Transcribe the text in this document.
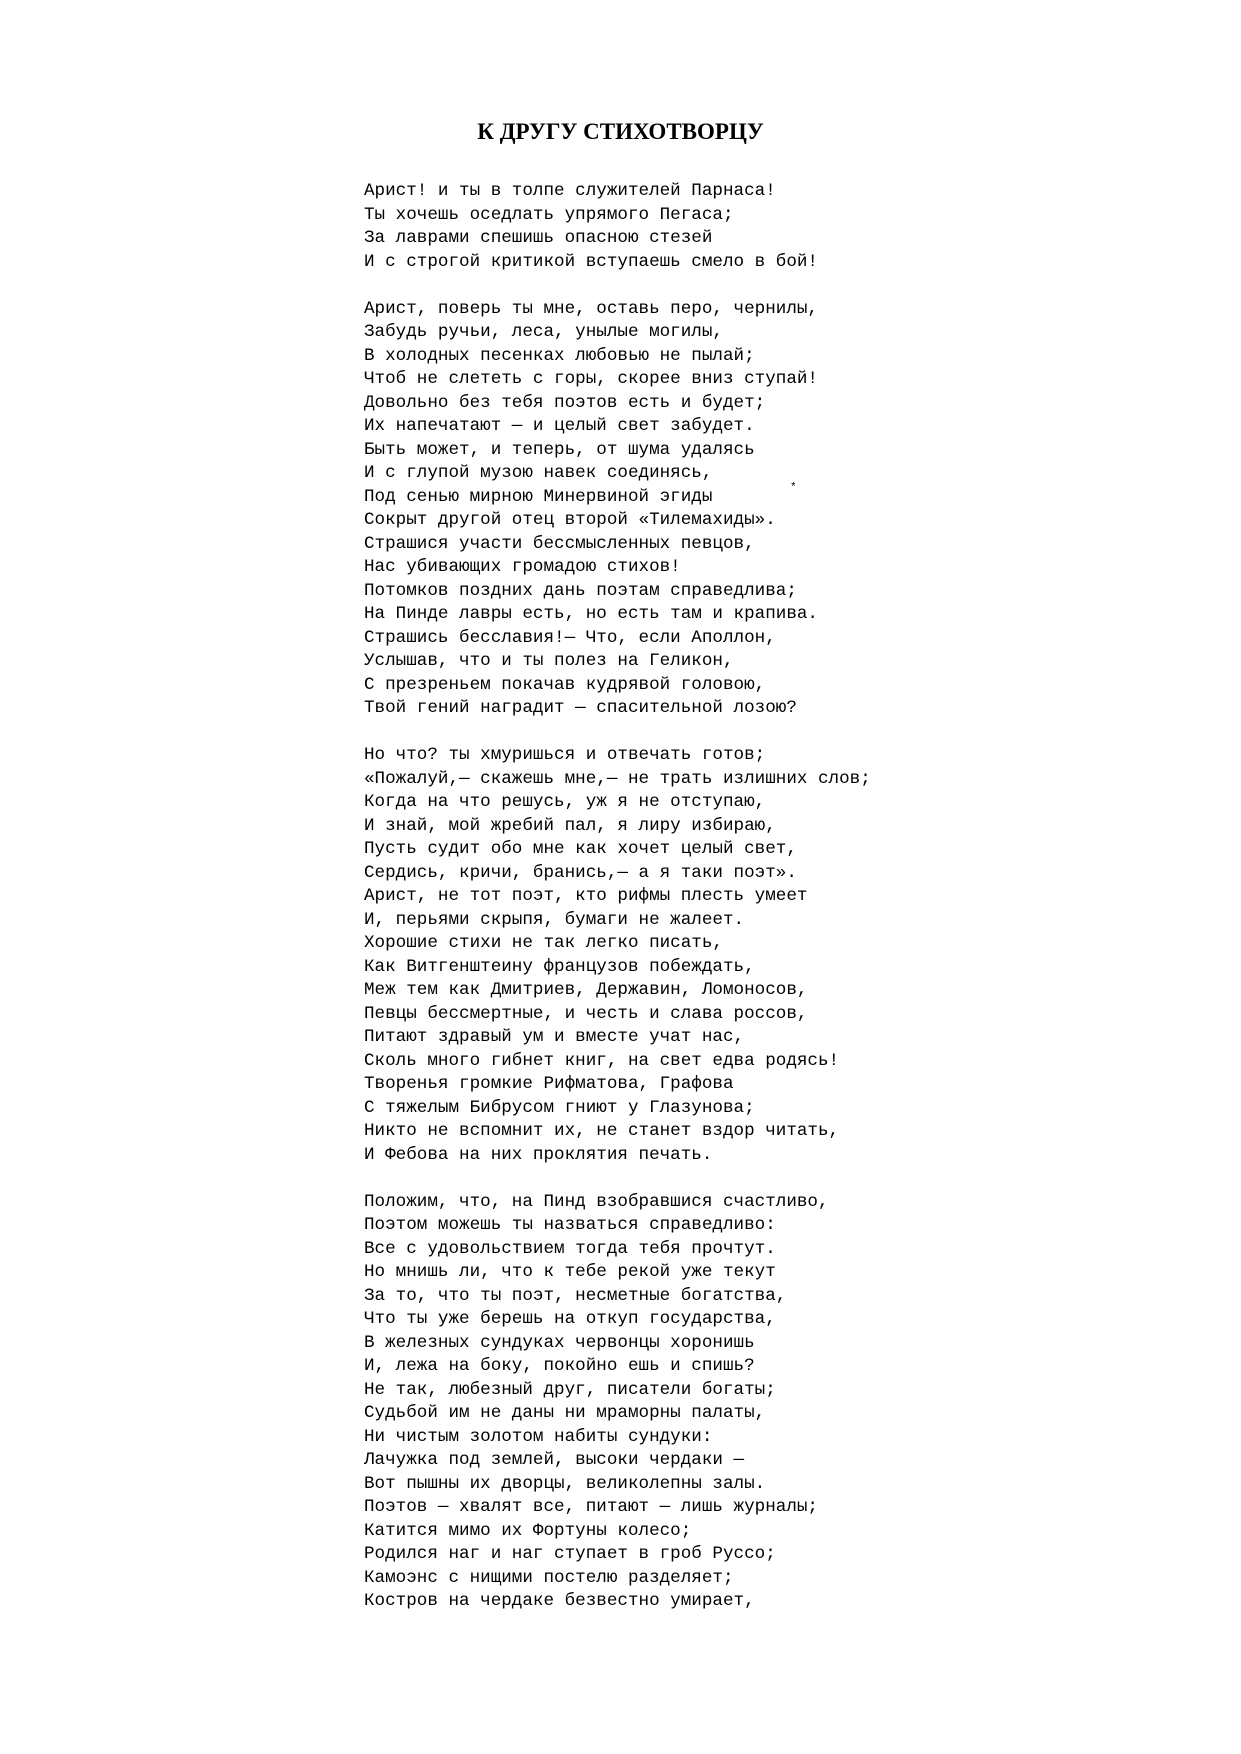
К ДРУГУ СТИХОТВОРЦУ
Арист! и ты в толпе служителей Парнаса!
Ты хочешь оседлать упрямого Пегаса;
За лаврами спешишь опасною стезей
И с строгой критикой вступаешь смело в бой!
Арист, поверь ты мне, оставь перо, чернилы,
Забудь ручьи, леса, унылые могилы,
В холодных песенках любовью не пылай;
Чтоб не слететь с горы, скорее вниз ступай!
Довольно без тебя поэтов есть и будет;
Их напечатают — и целый свет забудет.
Быть может, и теперь, от шума удалясь
И с глупой музою навек соединясь,
Под сенью мирною Минервиной эгиды
Сокрыт другой отец второй «Тилемахиды».
Страшися участи бессмысленных певцов,
Нас убивающих громадою стихов!
Потомков поздних дань поэтам справедлива;
На Пинде лавры есть, но есть там и крапива.
Страшись бесславия!— Что, если Аполлон,
Услышав, что и ты полез на Геликон,
С презреньем покачав кудрявой головою,
Твой гений наградит — спасительной лозою?
Но что? ты хмуришься и отвечать готов;
«Пожалуй,— скажешь мне,— не трать излишних слов;
Когда на что решусь, уж я не отступаю,
И знай, мой жребий пал, я лиру избираю,
Пусть судит обо мне как хочет целый свет,
Сердись, кричи, бранись,— а я таки поэт».
Арист, не тот поэт, кто рифмы плесть умеет
И, перьями скрыпя, бумаги не жалеет.
Хорошие стихи не так легко писать,
Как Витгенштеину французов побеждать,
Меж тем как Дмитриев, Державин, Ломоносов,
Певцы бессмертные, и честь и слава россов,
Питают здравый ум и вместе учат нас,
Сколь много гибнет книг, на свет едва родясь!
Творенья громкие Рифматова, Графова
С тяжелым Бибрусом гниют у Глазунова;
Никто не вспомнит их, не станет вздор читать,
И Фебова на них проклятия печать.
Положим, что, на Пинд взобравшися счастливо,
Поэтом можешь ты назваться справедливо:
Все с удовольствием тогда тебя прочтут.
Но мнишь ли, что к тебе рекой уже текут
За то, что ты поэт, несметные богатства,
Что ты уже берешь на откуп государства,
В железных сундуках червонцы хоронишь
И, лежа на боку, покойно ешь и спишь?
Не так, любезный друг, писатели богаты;
Судьбой им не даны ни мраморны палаты,
Ни чистым золотом набиты сундуки:
Лачужка под землей, высоки чердаки —
Вот пышны их дворцы, великолепны залы.
Поэтов — хвалят все, питают — лишь журналы;
Катится мимо их Фортуны колесо;
Родился наг и наг ступает в гроб Руссо;
Камоэнс с нищими постелю разделяет;
Костров на чердаке безвестно умирает,
*
